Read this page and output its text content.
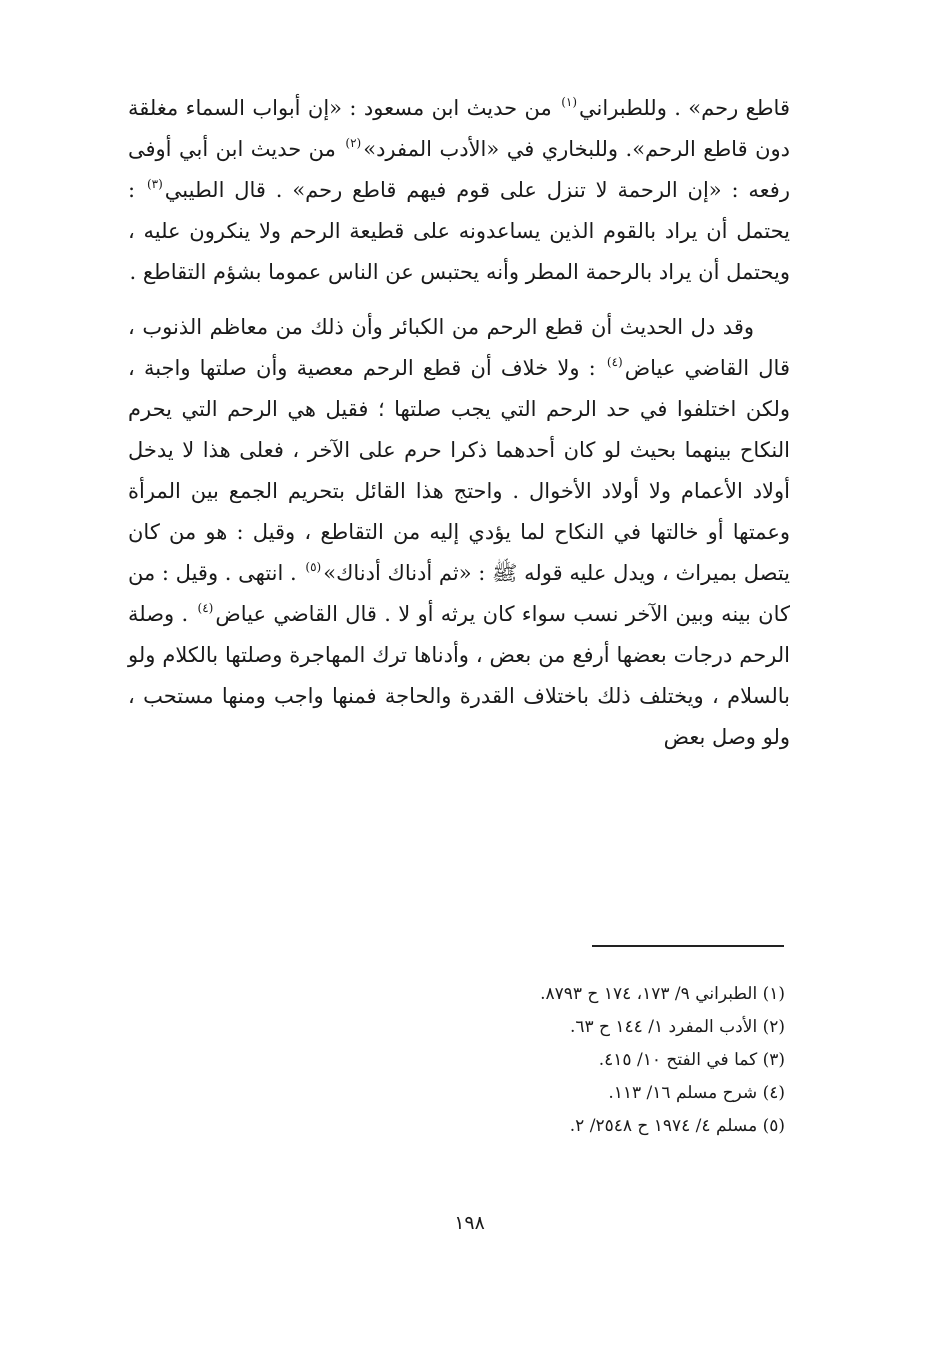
قاطع رحم» . وللطبراني$^{(١)}$ من حديث ابن مسعود : «إن أبواب السماء مغلقة دون قاطع الرحم». وللبخاري في «الأدب المفرد»$^{(٢)}$ من حديث ابن أبي أوفى رفعه : «إن الرحمة لا تنزل على قوم فيهم قاطع رحم» . قال الطيبي$^{(٣)}$ : يحتمل أن يراد بالقوم الذين يساعدونه على قطيعة الرحم ولا ينكرون عليه ، ويحتمل أن يراد بالرحمة المطر وأنه يحتبس عن الناس عموما بشؤم التقاطع .

وقد دل الحديث أن قطع الرحم من الكبائر وأن ذلك من معاظم الذنوب ، قال القاضي عياض$^{(٤)}$ : ولا خلاف أن قطع الرحم معصية وأن صلتها واجبة ، ولكن اختلفوا في حد الرحم التي يجب صلتها ؛ فقيل هي الرحم التي يحرم النكاح بينهما بحيث لو كان أحدهما ذكرا حرم على الآخر ، فعلى هذا لا يدخل أولاد الأعمام ولا أولاد الأخوال . واحتج هذا القائل بتحريم الجمع بين المرأة وعمتها أو خالتها في النكاح لما يؤدي إليه من التقاطع ، وقيل : هو من كان يتصل بميراث ، ويدل عليه قوله ﷺ : «ثم أدناك أدناك»$^{(٥)}$ . انتهى . وقيل : من كان بينه وبين الآخر نسب سواء كان يرثه أو لا . قال القاضي عياض$^{(٤)}$ . وصلة الرحم درجات بعضها أرفع من بعض ، وأدناها ترك المهاجرة وصلتها بالكلام ولو بالسلام ، ويختلف ذلك باختلاف القدرة والحاجة فمنها واجب ومنها مستحب ، ولو وصل بعض

(١) الطبراني ٩/ ١٧٣، ١٧٤ ح ٨٧٩٣.
(٢) الأدب المفرد ١/ ١٤٤ ح ٦٣.
(٣) كما في الفتح ١٠/ ٤١٥.
(٤) شرح مسلم ١٦/ ١١٣.
(٥) مسلم ٤/ ١٩٧٤ ح ٢٥٤٨/ ٢.
١٩٨
